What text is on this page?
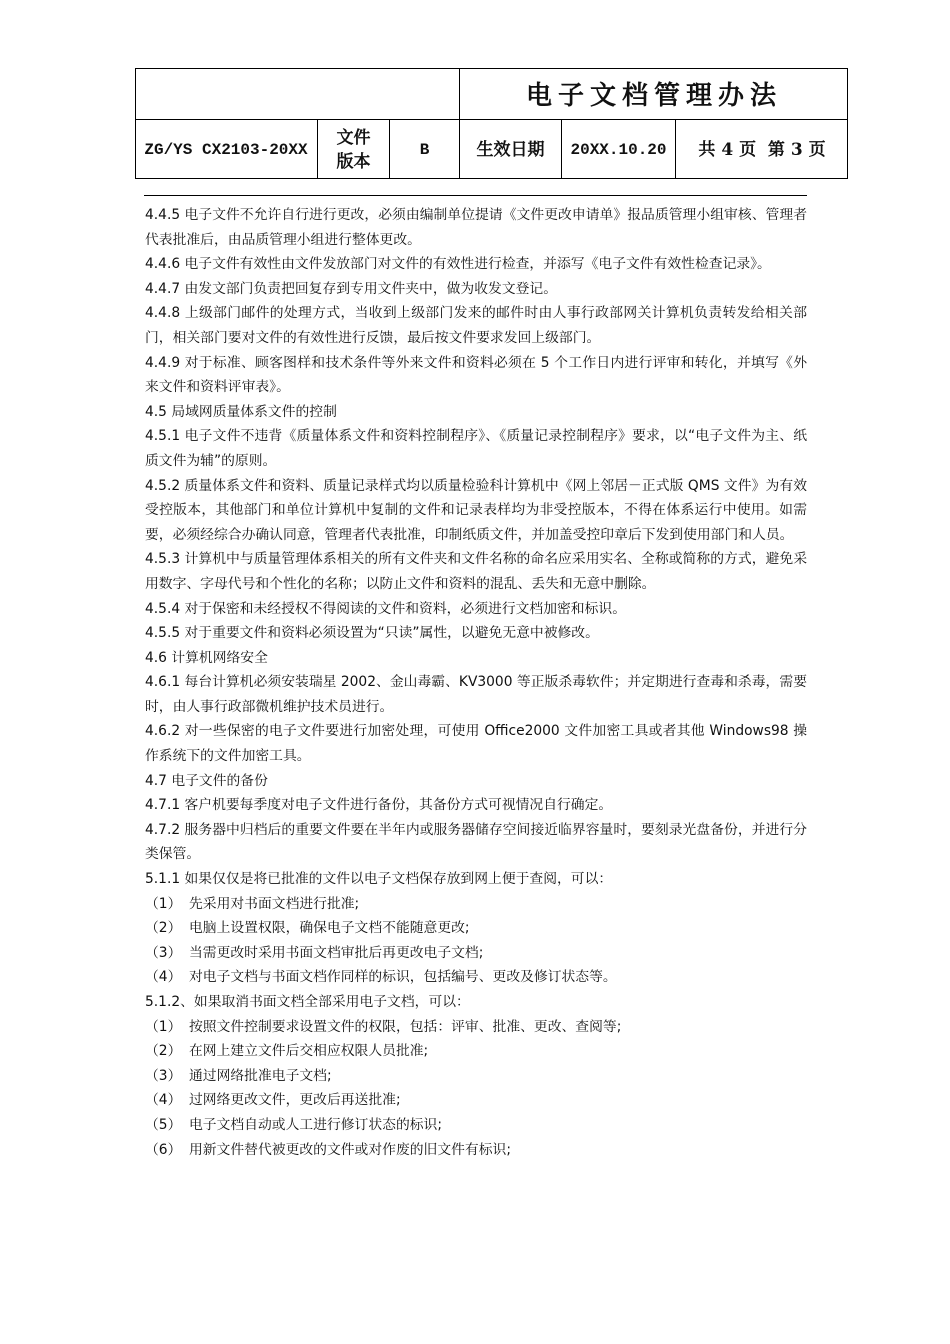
电子文档管理办法
ZG/YS CX2103-20XX
文件
版本
B	生效日期 20XX.10.20 共 4 页  第 3 页

4.4.5 电子文件不允许自行进行更改，必须由编制单位提请《文件更改申请单》报品质管理小组审核、管理者代表批准后，由品质管理小组进行整体更改。

4.4.6 电子文件有效性由文件发放部门对文件的有效性进行检查，并添写《电子文件有效性检查记录》。

4.4.7 由发文部门负责把回复存到专用文件夹中，做为收发文登记。

4.4.8 上级部门邮件的处理方式，当收到上级部门发来的邮件时由人事行政部网关计算机负责转发给相关部门，相关部门要对文件的有效性进行反馈，最后按文件要求发回上级部门。

4.4.9 对于标准、顾客图样和技术条件等外来文件和资料必须在 5 个工作日内进行评审和转化，并填写《外来文件和资料评审表》。

4.5 局域网质量体系文件的控制

4.5.1 电子文件不违背《质量体系文件和资料控制程序》、《质量记录控制程序》要求，以“电子文件为主、纸质文件为辅”的原则。

4.5.2 质量体系文件和资料、质量记录样式均以质量检验科计算机中《网上邻居－正式版 QMS 文件》为有效受控版本，其他部门和单位计算机中复制的文件和记录表样均为非受控版本，不得在体系运行中使用。如需要，必须经综合办确认同意，管理者代表批准，印制纸质文件，并加盖受控印章后下发到使用部门和人员。

4.5.3 计算机中与质量管理体系相关的所有文件夹和文件名称的命名应采用实名、全称或简称的方式，避免采用数字、字母代号和个性化的名称；以防止文件和资料的混乱、丢失和无意中删除。

4.5.4 对于保密和未经授权不得阅读的文件和资料，必须进行文档加密和标识。

4.5.5 对于重要文件和资料必须设置为“只读”属性，以避免无意中被修改。

4.6 计算机网络安全

4.6.1 每台计算机必须安装瑞星 2002、金山毒霸、KV3000 等正版杀毒软件；并定期进行查毒和杀毒，需要时，由人事行政部微机维护技术员进行。

4.6.2 对一些保密的电子文件要进行加密处理，可使用 Office2000 文件加密工具或者其他 Windows98 操作系统下的文件加密工具。

4.7 电子文件的备份

4.7.1 客户机要每季度对电子文件进行备份，其备份方式可视情况自行确定。

4.7.2 服务器中归档后的重要文件要在半年内或服务器储存空间接近临界容量时，要刻录光盘备份，并进行分类保管。

5.1.1 如果仅仅是将已批准的文件以电子文档保存放到网上便于查阅，可以：

（1） 先采用对书面文档进行批准;
（2） 电脑上设置权限，确保电子文档不能随意更改;
（3） 当需更改时采用书面文档审批后再更改电子文档;
（4） 对电子文档与书面文档作同样的标识，包括编号、更改及修订状态等。

5.1.2、如果取消书面文档全部采用电子文档，可以：

（1） 按照文件控制要求设置文件的权限，包括：评审、批准、更改、查阅等;
（2） 在网上建立文件后交相应权限人员批准;
（3） 通过网络批准电子文档;
（4） 过网络更改文件，更改后再送批准;
（5） 电子文档自动或人工进行修订状态的标识;
（6） 用新文件替代被更改的文件或对作废的旧文件有标识;
